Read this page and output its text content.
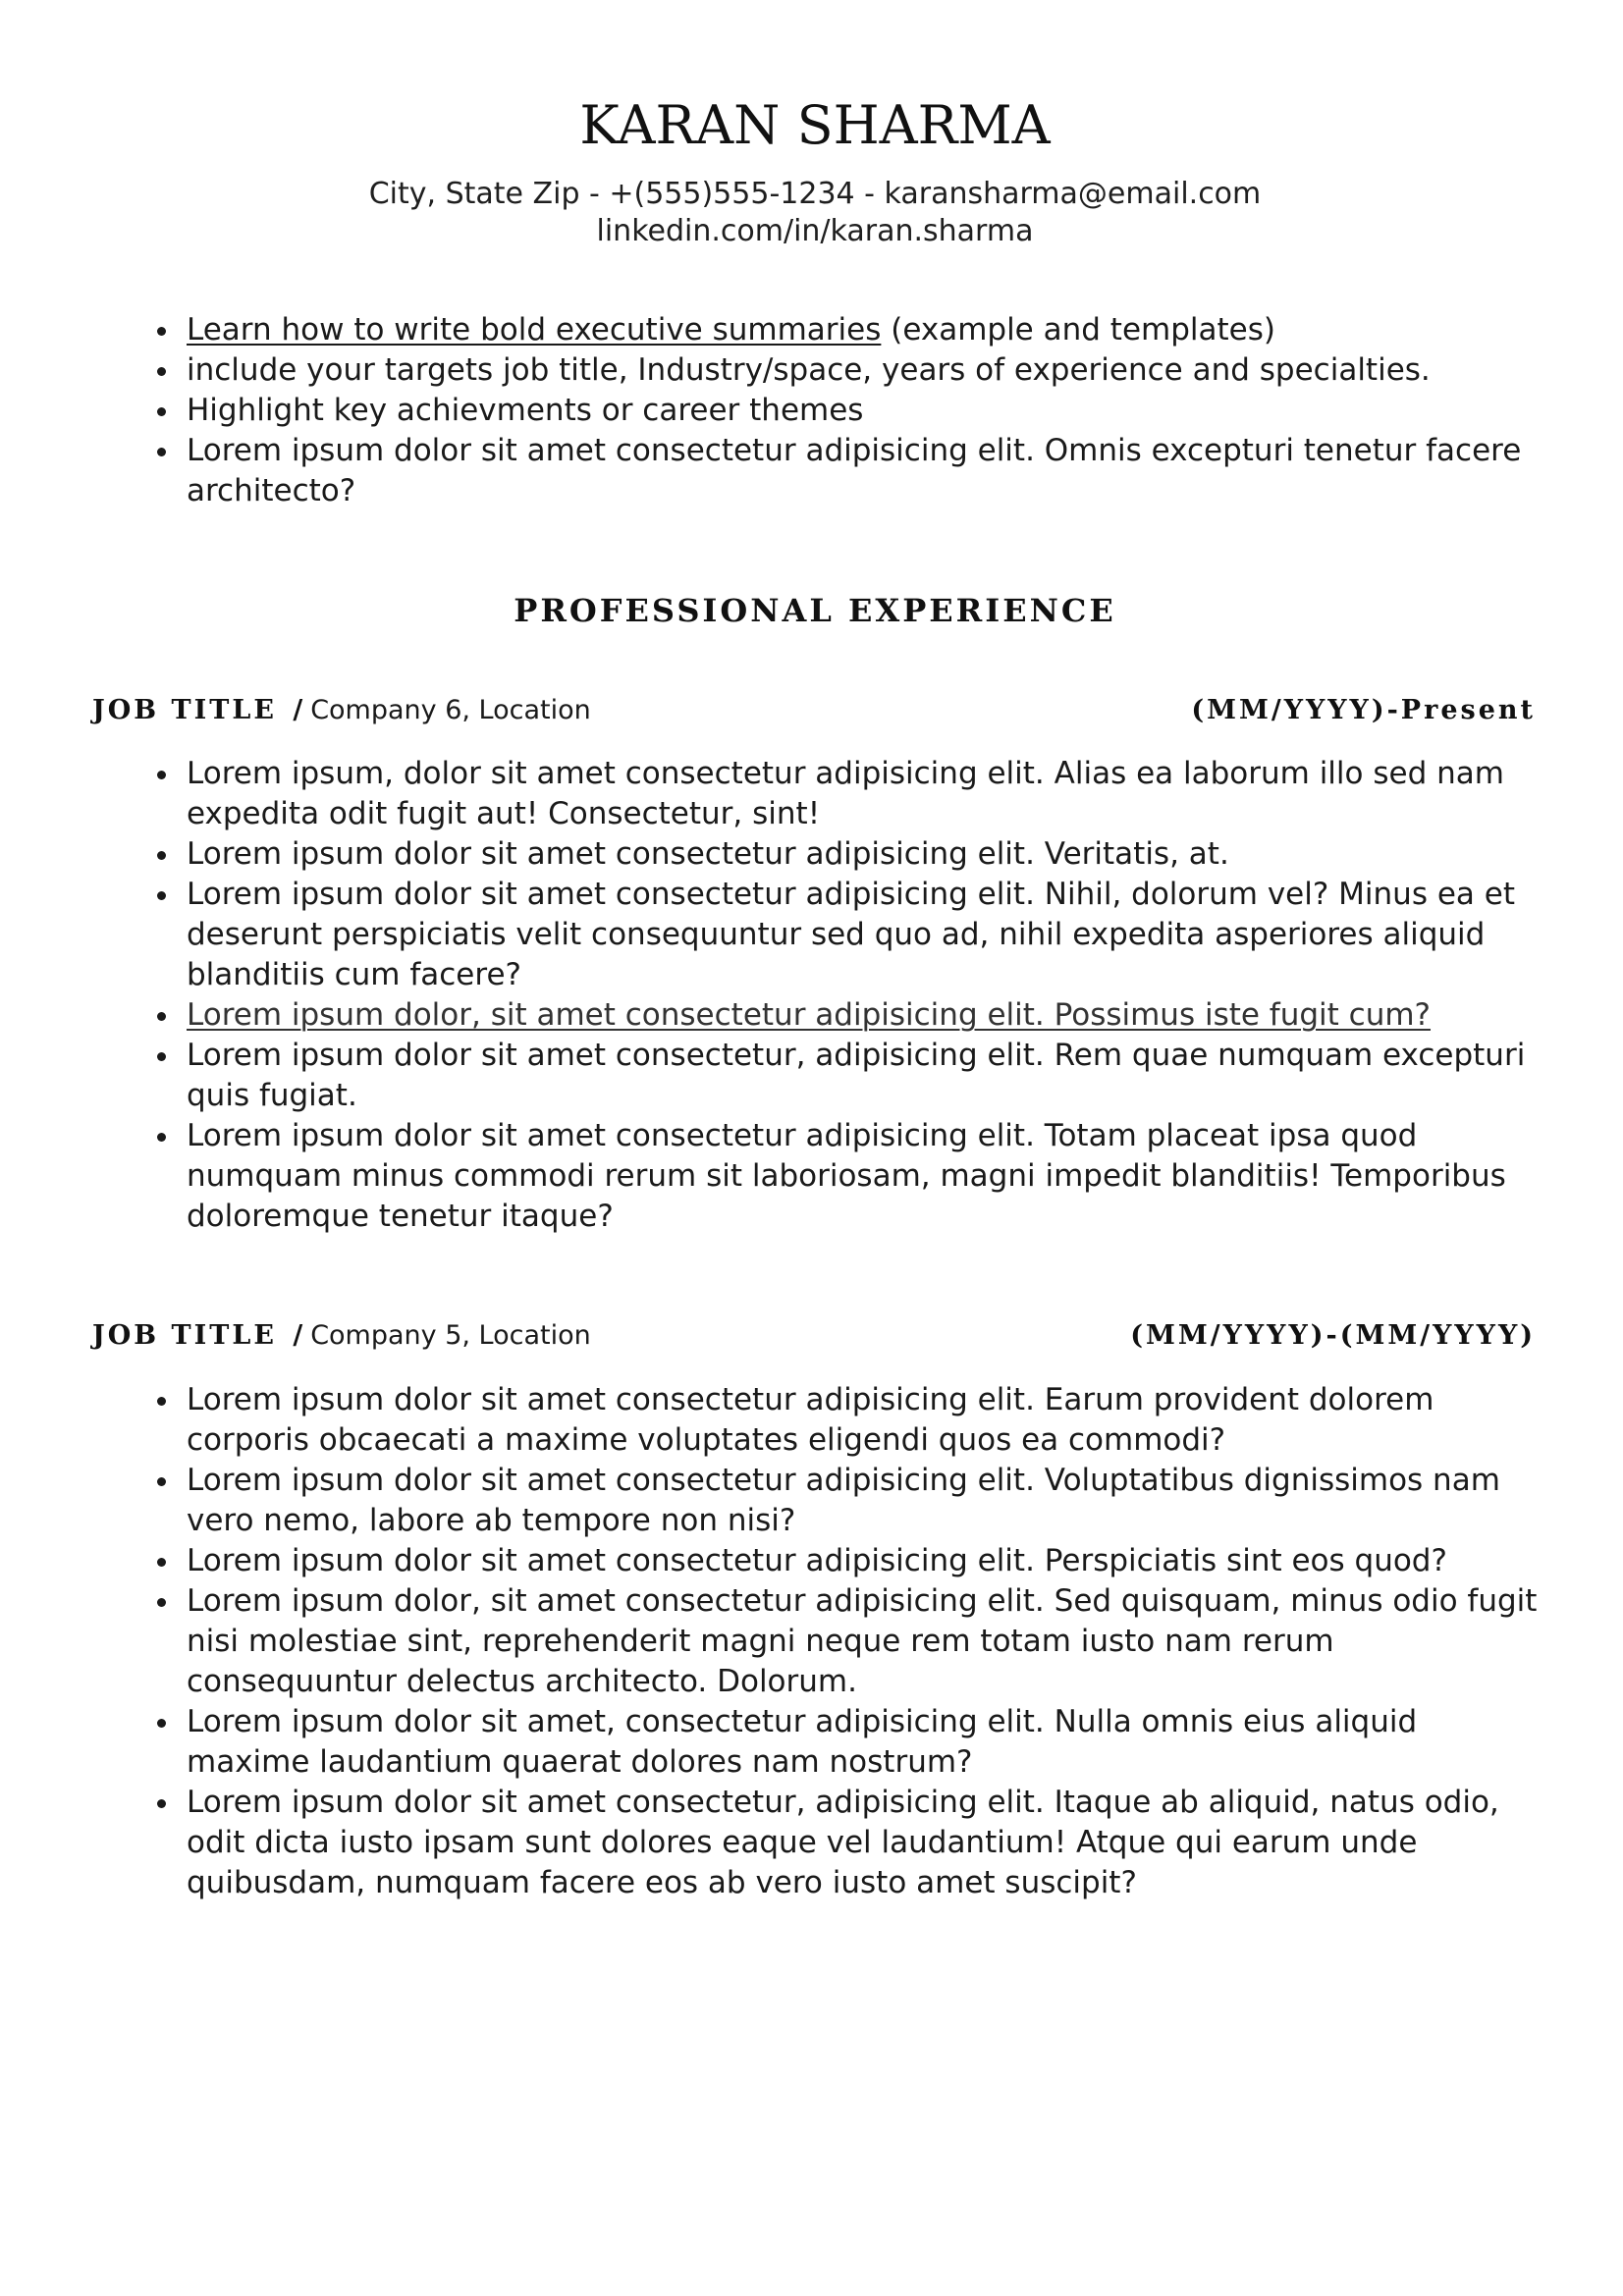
KARAN SHARMA

City, State Zip - +(555)555-1234 - karansharma@email.com

linkedin.com/in/karan.sharma

Learn how to write bold executive summaries (example and templates)
include your targets job title, Industry/space, years of experience and specialties.
Highlight key achievments or career themes
Lorem ipsum dolor sit amet consectetur adipisicing elit. Omnis excepturi tenetur facere architecto?
PROFESSIONAL EXPERIENCE
JOB TITLE / Company 6, Location	(MM/YYYY)-Present
Lorem ipsum, dolor sit amet consectetur adipisicing elit. Alias ea laborum illo sed nam expedita odit fugit aut! Consectetur, sint!
Lorem ipsum dolor sit amet consectetur adipisicing elit. Veritatis, at.
Lorem ipsum dolor sit amet consectetur adipisicing elit. Nihil, dolorum vel? Minus ea et deserunt perspiciatis velit consequuntur sed quo ad, nihil expedita asperiores aliquid blanditiis cum facere?
Lorem ipsum dolor, sit amet consectetur adipisicing elit. Possimus iste fugit cum?
Lorem ipsum dolor sit amet consectetur, adipisicing elit. Rem quae numquam excepturi quis fugiat.
Lorem ipsum dolor sit amet consectetur adipisicing elit. Totam placeat ipsa quod numquam minus commodi rerum sit laboriosam, magni impedit blanditiis! Temporibus doloremque tenetur itaque?
JOB TITLE / Company 5, Location	(MM/YYYY)-(MM/YYYY)
Lorem ipsum dolor sit amet consectetur adipisicing elit. Earum provident dolorem corporis obcaecati a maxime voluptates eligendi quos ea commodi?
Lorem ipsum dolor sit amet consectetur adipisicing elit. Voluptatibus dignissimos nam vero nemo, labore ab tempore non nisi?
Lorem ipsum dolor sit amet consectetur adipisicing elit. Perspiciatis sint eos quod?
Lorem ipsum dolor, sit amet consectetur adipisicing elit. Sed quisquam, minus odio fugit nisi molestiae sint, reprehenderit magni neque rem totam iusto nam rerum consequuntur delectus architecto. Dolorum.
Lorem ipsum dolor sit amet, consectetur adipisicing elit. Nulla omnis eius aliquid maxime laudantium quaerat dolores nam nostrum?
Lorem ipsum dolor sit amet consectetur, adipisicing elit. Itaque ab aliquid, natus odio, odit dicta iusto ipsam sunt dolores eaque vel laudantium! Atque qui earum unde quibusdam, numquam facere eos ab vero iusto amet suscipit?
